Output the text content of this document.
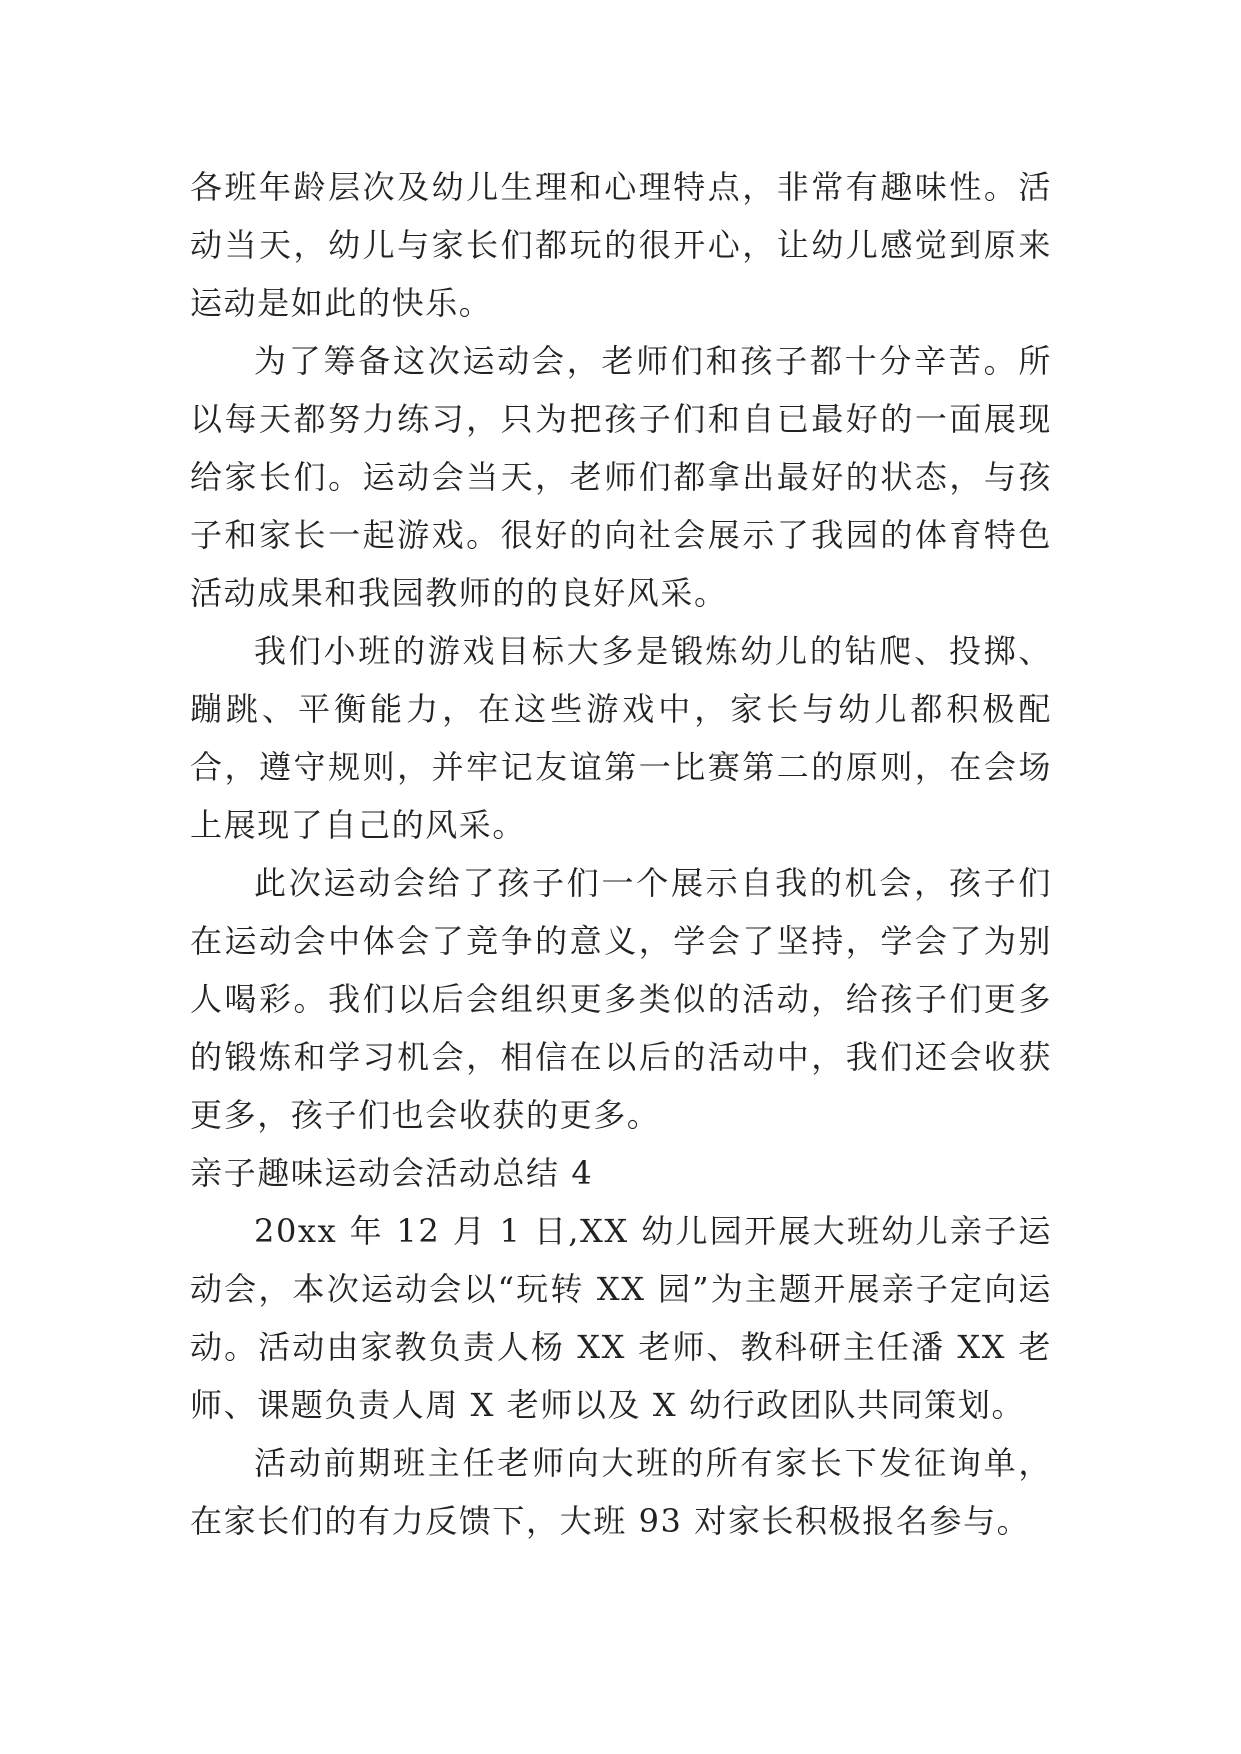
各班年龄层次及幼儿生理和心理特点，非常有趣味性。活动当天，幼儿与家长们都玩的很开心，让幼儿感觉到原来运动是如此的快乐。

为了筹备这次运动会，老师们和孩子都十分辛苦。所以每天都努力练习，只为把孩子们和自已最好的一面展现给家长们。运动会当天，老师们都拿出最好的状态，与孩子和家长一起游戏。很好的向社会展示了我园的体育特色活动成果和我园教师的的良好风采。

我们小班的游戏目标大多是锻炼幼儿的钻爬、投掷、蹦跳、平衡能力，在这些游戏中，家长与幼儿都积极配合，遵守规则，并牢记友谊第一比赛第二的原则，在会场上展现了自己的风采。

此次运动会给了孩子们一个展示自我的机会，孩子们在运动会中体会了竞争的意义，学会了坚持，学会了为别人喝彩。我们以后会组织更多类似的活动，给孩子们更多的锻炼和学习机会，相信在以后的活动中，我们还会收获更多，孩子们也会收获的更多。

亲子趣味运动会活动总结 4

20xx 年 12 月 1 日,XX 幼儿园开展大班幼儿亲子运动会，本次运动会以“玩转 XX 园”为主题开展亲子定向运动。活动由家教负责人杨 XX 老师、教科研主任潘 XX 老师、课题负责人周 X 老师以及 X 幼行政团队共同策划。

活动前期班主任老师向大班的所有家长下发征询单，在家长们的有力反馈下，大班 93 对家长积极报名参与。
